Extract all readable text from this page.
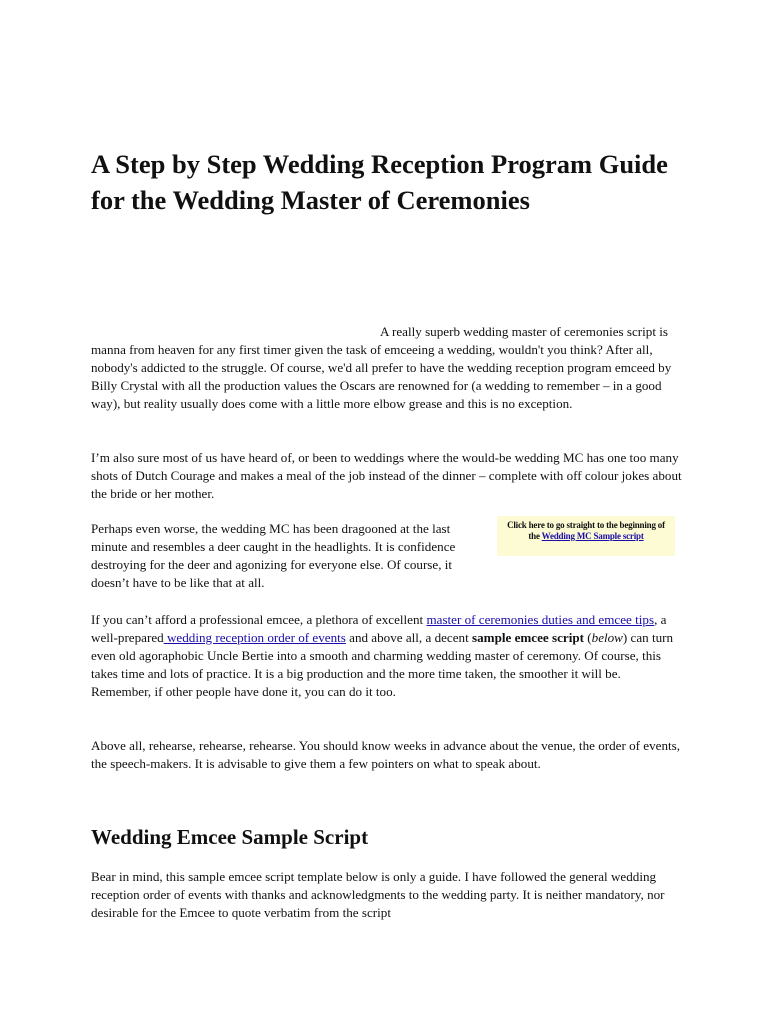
A Step by Step Wedding Reception Program Guide
for the Wedding Master of Ceremonies

A really superb wedding master of ceremonies script is manna from heaven for any first timer given the task of emceeing a wedding, wouldn't you think? After all, nobody's addicted to the struggle. Of course, we'd all prefer to have the wedding reception program emceed by Billy Crystal with all the production values the Oscars are renowned for (a wedding to remember – in a good way), but reality usually does come with a little more elbow grease and this is no exception.

I’m also sure most of us have heard of, or been to weddings where the would-be wedding MC has one too many shots of Dutch Courage and makes a meal of the job instead of the dinner – complete with off colour jokes about the bride or her mother.

Perhaps even worse, the wedding MC has been dragooned at the last minute and resembles a deer caught in the headlights. It is confidence destroying for the deer and agonizing for everyone else. Of course, it doesn’t have to be like that at all.

Click here to go straight to the beginning of the Wedding MC Sample script

If you can’t afford a professional emcee, a plethora of excellent master of ceremonies duties and emcee tips, a well-prepared wedding reception order of events and above all, a decent sample emcee script (below) can turn even old agoraphobic Uncle Bertie into a smooth and charming wedding master of ceremony. Of course, this takes time and lots of practice. It is a big production and the more time taken, the smoother it will be. Remember, if other people have done it, you can do it too.

Above all, rehearse, rehearse, rehearse. You should know weeks in advance about the venue, the order of events, the speech-makers. It is advisable to give them a few pointers on what to speak about.

Wedding Emcee Sample Script

Bear in mind, this sample emcee script template below is only a guide. I have followed the general wedding reception order of events with thanks and acknowledgments to the wedding party. It is neither mandatory, nor desirable for the Emcee to quote verbatim from the script
